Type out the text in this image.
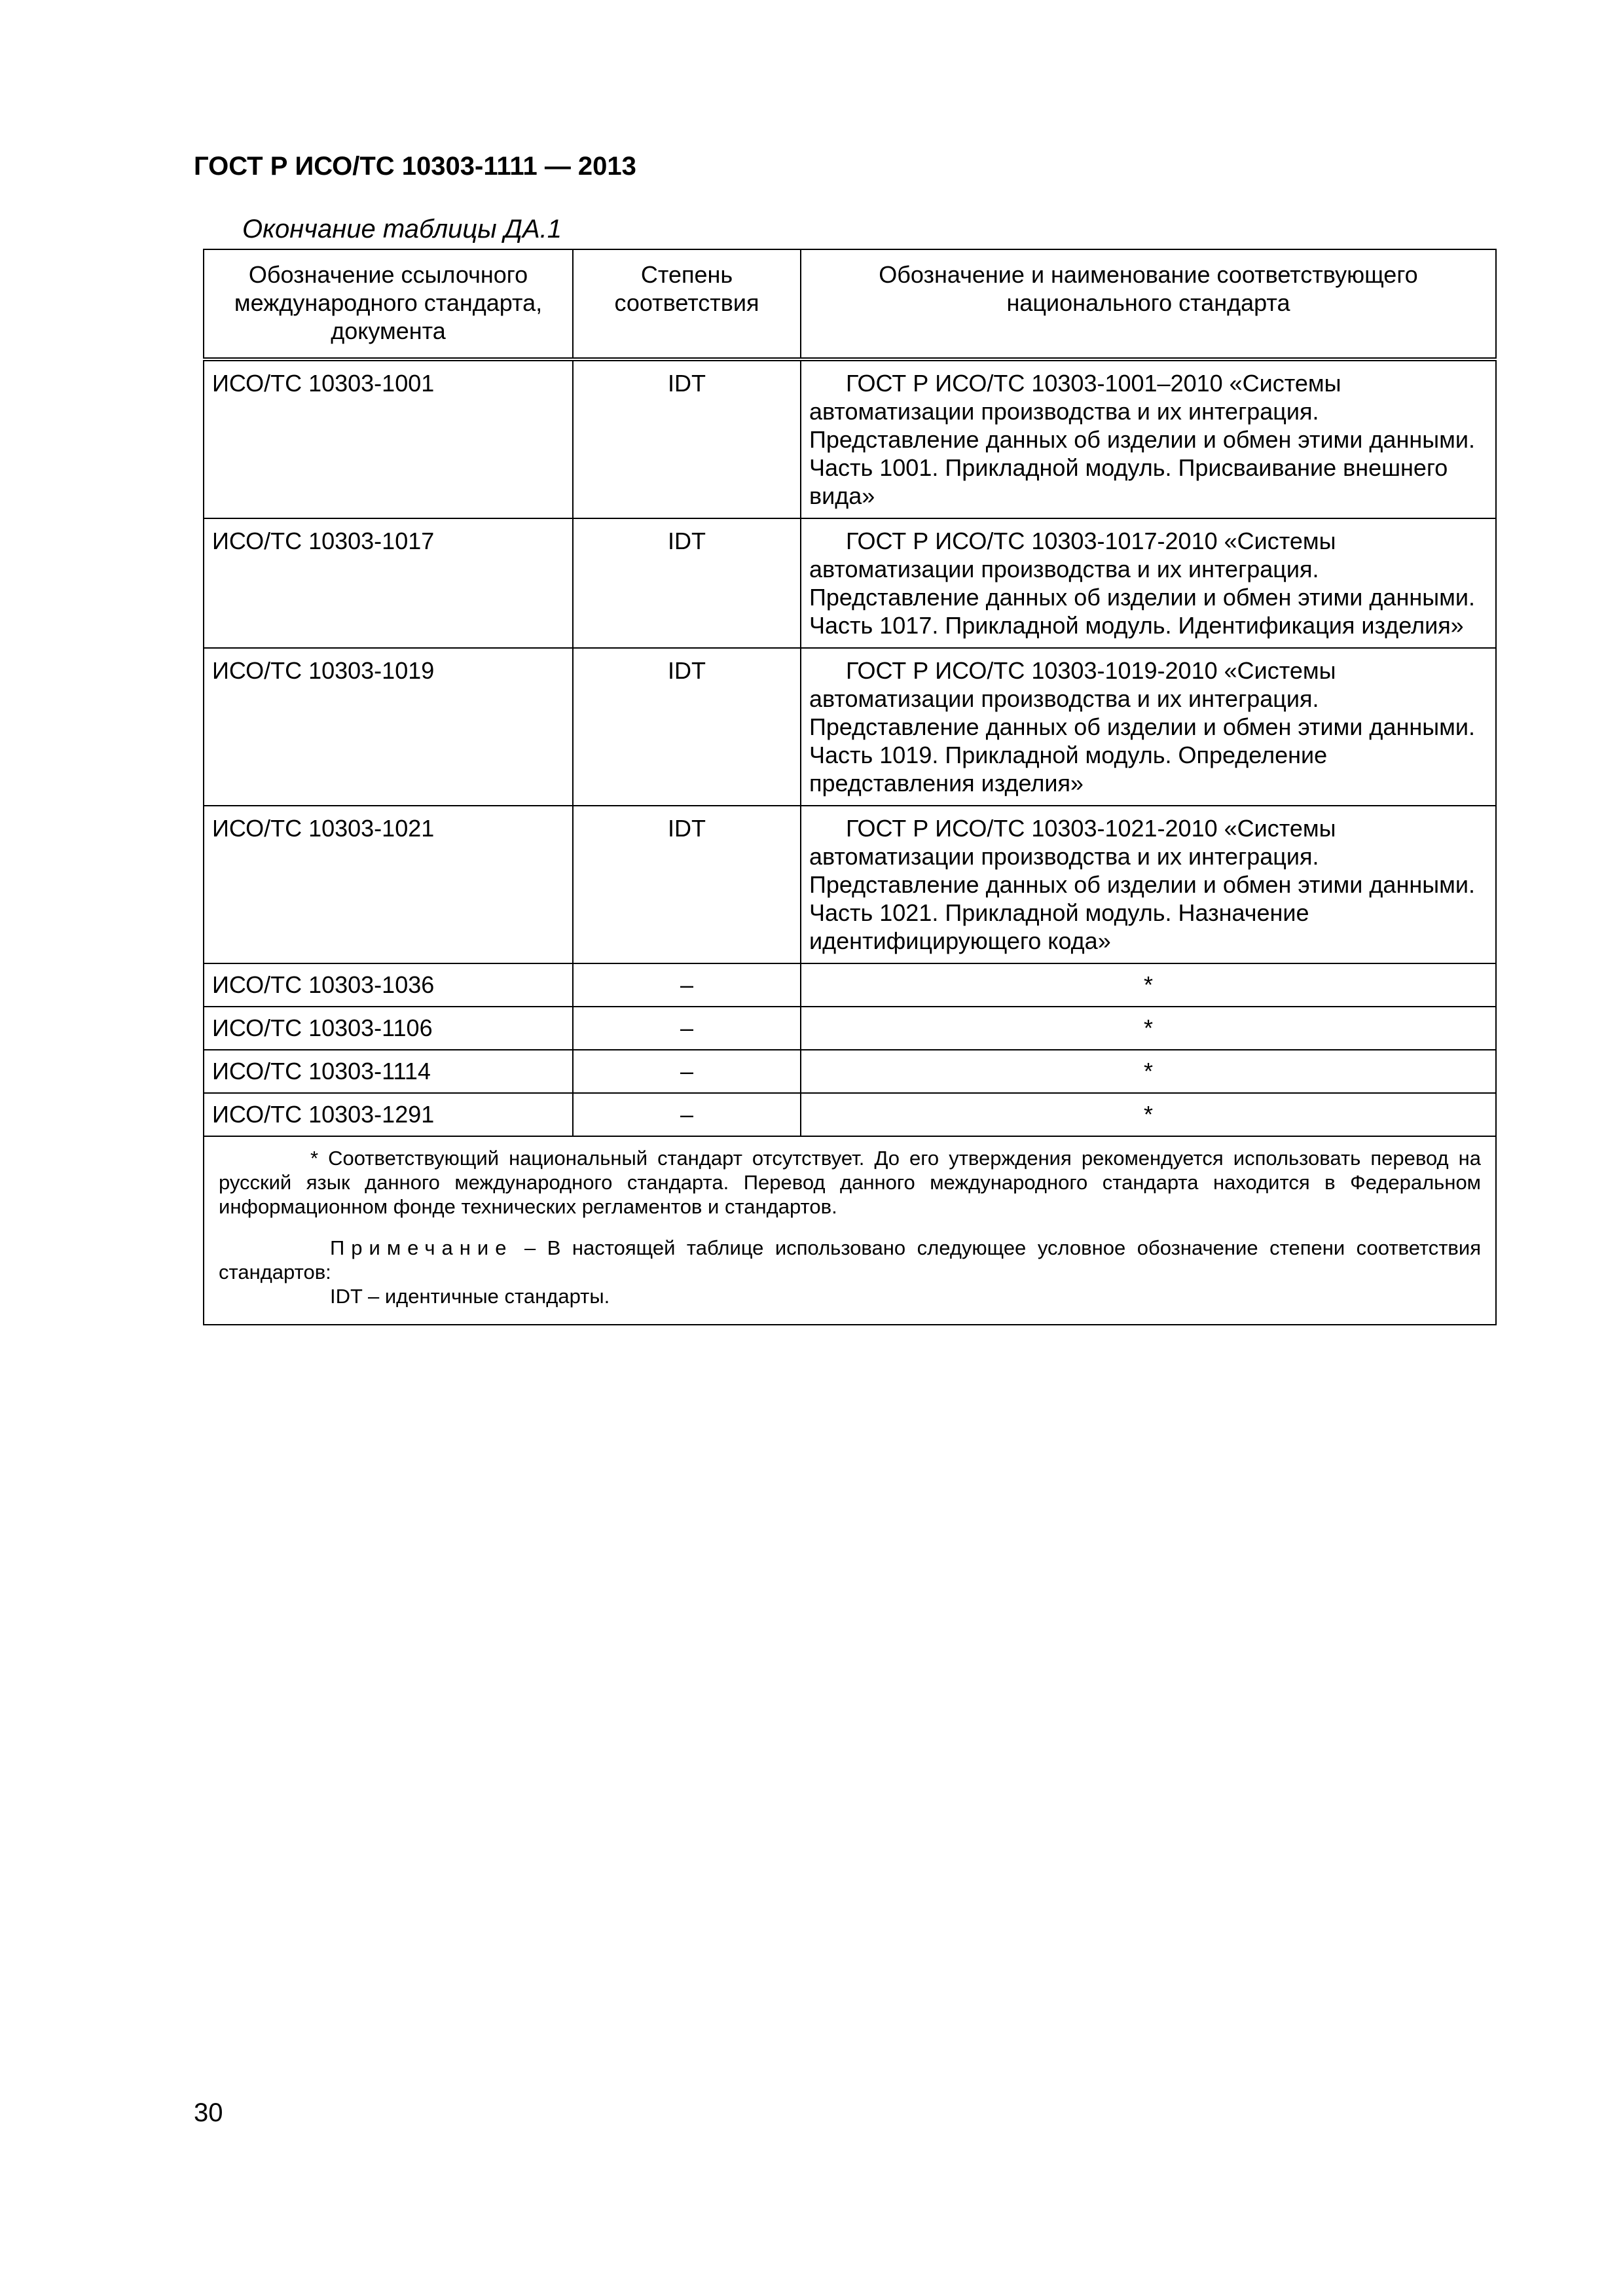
ГОСТ Р ИСО/ТС 10303-1111 — 2013
Окончание таблицы ДА.1
Обозначение ссылочного международного стандарта, документа	Степень соответствия	Обозначение и наименование соответствующего национального стандарта
ИСО/ТС 10303-1001	IDT	ГОСТ Р ИСО/ТС 10303-1001–2010 «Системы автоматизации производства и их интеграция. Представление данных об изделии и обмен этими данными. Часть 1001. Прикладной модуль. Присваивание внешнего вида»
ИСО/ТС 10303-1017	IDT	ГОСТ Р ИСО/ТС 10303-1017-2010 «Системы автоматизации производства и их интеграция. Представление данных об изделии и обмен этими данными. Часть 1017. Прикладной модуль. Идентификация изделия»
ИСО/ТС 10303-1019	IDT	ГОСТ Р ИСО/ТС 10303-1019-2010 «Системы автоматизации производства и их интеграция. Представление данных об изделии и обмен этими данными. Часть 1019. Прикладной модуль. Определение представления изделия»
ИСО/ТС 10303-1021	IDT	ГОСТ Р ИСО/ТС 10303-1021-2010 «Системы автоматизации производства и их интеграция. Представление данных об изделии и обмен этими данными. Часть 1021. Прикладной модуль. Назначение идентифицирующего кода»
ИСО/ТС 10303-1036	–	*
ИСО/ТС 10303-1106	–	*
ИСО/ТС 10303-1114	–	*
ИСО/ТС 10303-1291	–	*

* Соответствующий национальный стандарт отсутствует. До его утверждения рекомендуется использовать перевод на русский язык данного международного стандарта. Перевод данного международного стандарта находится в Федеральном информационном фонде технических регламентов и стандартов.

Примечание – В настоящей таблице использовано следующее условное обозначение степени соответствия стандартов:

IDT – идентичные стандарты.		

30
